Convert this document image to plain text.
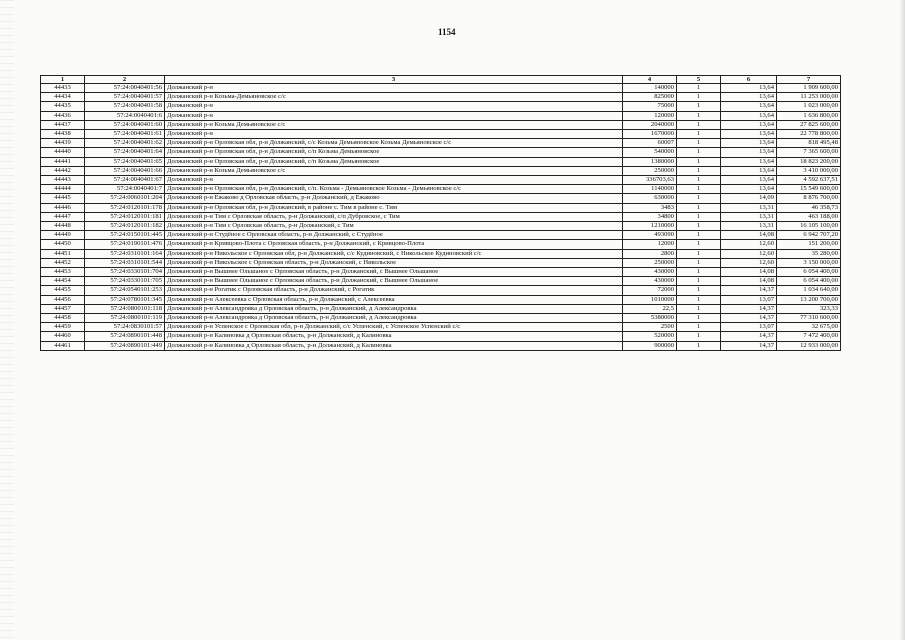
1154
1	2	3	4	5	6	7
44433	57:24:0040401:56	Должанский р-н	140000	1	13,64	1 909 600,00
44434	57:24:0040401:57	Должанский р-н Козьма-Демьяновское с/с	825000	1	13,64	11 253 000,00
44435	57:24:0040401:58	Должанский р-н	75000	1	13,64	1 023 000,00
44436	57:24:0040401:6	Должанский р-н	120000	1	13,64	1 636 800,00
44437	57:24:0040401:60	Должанский р-н Козьма Демьяновское с/с	2040000	1	13,64	27 825 600,00
44438	57:24:0040401:61	Должанский р-н	1670000	1	13,64	22 778 800,00
44439	57:24:0040401:62	Должанский р-н Орловская обл, р-н Должанский, с/с Козьма Демьяновское Козьма Демьяновское с/с	60007	1	13,64	818 495,48
44440	57:24:0040401:64	Должанский р-н Орловская обл, р-н Должанский, с/п Козьма Демьяновское	540000	1	13,64	7 365 600,00
44441	57:24:0040401:65	Должанский р-н Орловская обл, р-н Должанский, с/п Козьма Демьяновское	1380000	1	13,64	18 823 200,00
44442	57:24:0040401:66	Должанский р-н Козьма Демьяновское с/с	250000	1	13,64	3 410 000,00
44443	57:24:0040401:67	Должанский р-н	336703,63	1	13,64	4 592 637,51
44444	57:24:0040401:7	Должанский р-н Орловская обл, р-н Должанский, с/п. Козьма - Демьяновское Козьма - Демьяновское с/с	1140000	1	13,64	15 549 600,00
44445	57:24:0060101:204	Должанский р-н Ежаково д Орловская область, р-н Должанский, д Ежаково	630000	1	14,09	8 876 700,00
44446	57:24:0120101:178	Должанский р-н Орловская обл, р-н Должанский, в районе с. Тим в районе с. Тим	3483	1	13,31	46 358,73
44447	57:24:0120101:181	Должанский р-н Тим с Орловская область, р-н Должанский, с/п Дубровское, с Тим	34800	1	13,31	463 188,00
44448	57:24:0120101:182	Должанский р-н Тим с Орловская область, р-н Должанский, с Тим	1210000	1	13,31	16 105 100,00
44449	57:24:0150101:445	Должанский р-н Студёное с Орловская область, р-н Должанский, с Студёное	493090	1	14,08	6 942 707,20
44450	57:24:0190101:476	Должанский р-н Кривцово-Плота с Орловская область, р-н Должанский, с Кривцово-Плота	12000	1	12,60	151 200,00
44451	57:24:0310101:164	Должанский р-н Никольское с Орловская обл, р-н Должанский, с/с Кудиновский, с Никольское Кудиновский с/с	2800	1	12,60	35 280,00
44452	57:24:0310101:544	Должанский р-н Никольское с Орловская область, р-н Должанский, с Никольское	250000	1	12,60	3 150 000,00
44453	57:24:0330101:704	Должанский р-н Вышнее Ольшаное с Орловская область, р-н Должанский, с Вышнее Ольшаное	430000	1	14,08	6 054 400,00
44454	57:24:0330101:705	Должанский р-н Вышнее Ольшаное с Орловская область, р-н Должанский, с Вышнее Ольшаное	430000	1	14,08	6 054 400,00
44455	57:24:0540101:253	Должанский р-н Рогатик с Орловская область, р-н Должанский, с Рогатик	72000	1	14,37	1 034 640,00
44456	57:24:0780101:345	Должанский р-н Алексеевка с Орловская область, р-н Должанский, с Алексеевка	1010000	1	13,07	13 200 700,00
44457	57:24:0800101:118	Должанский р-н Александровка д Орловская область, р-н Должанский, д Александровка	22,5	1	14,37	323,33
44458	57:24:0800101:119	Должанский р-н Александровка д Орловская область, р-н Должанский, д Александровка	5380000	1	14,37	77 310 600,00
44459	57:24:0830101:57	Должанский р-н Успенское с Орловская обл, р-н Должанский, с/с Успенский, с Успенское Успенский с/с	2500	1	13,07	32 675,00
44460	57:24:0890101:448	Должанский р-н Калиновка д Орловская область, р-н Должанский, д Калиновка	520000	1	14,37	7 472 400,00
44461	57:24:0890101:449	Должанский р-н Калиновка д Орловская область, р-н Должанский, д Калиновка	900000	1	14,37	12 933 000,00
